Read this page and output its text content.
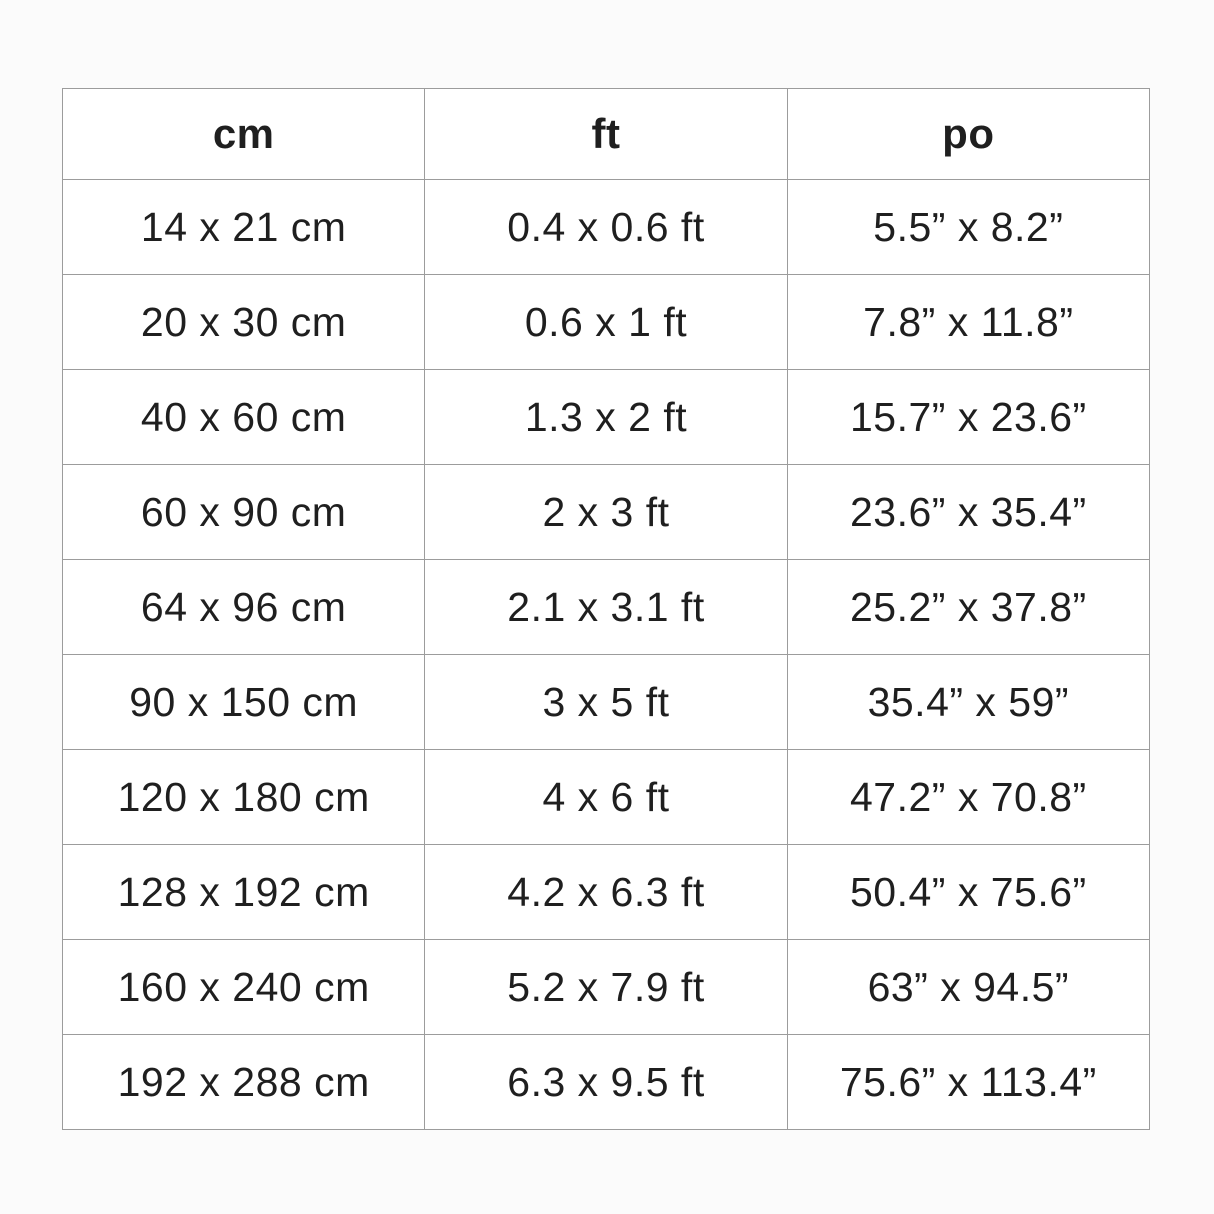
cm	ft	po
14 x 21 cm	0.4 x 0.6 ft	5.5” x 8.2”
20 x 30 cm	0.6 x 1 ft	7.8” x 11.8”
40 x 60 cm	1.3 x 2 ft	15.7” x 23.6”
60 x 90 cm	2 x 3 ft	23.6” x 35.4”
64 x 96 cm	2.1 x 3.1 ft	25.2” x 37.8”
90 x 150 cm	3 x 5 ft	35.4” x 59”
120 x 180 cm	4 x 6 ft	47.2” x 70.8”
128 x 192 cm	4.2 x 6.3 ft	50.4” x 75.6”
160 x 240 cm	5.2 x 7.9 ft	63” x 94.5”
192 x 288 cm	6.3 x 9.5 ft	75.6” x 113.4”
